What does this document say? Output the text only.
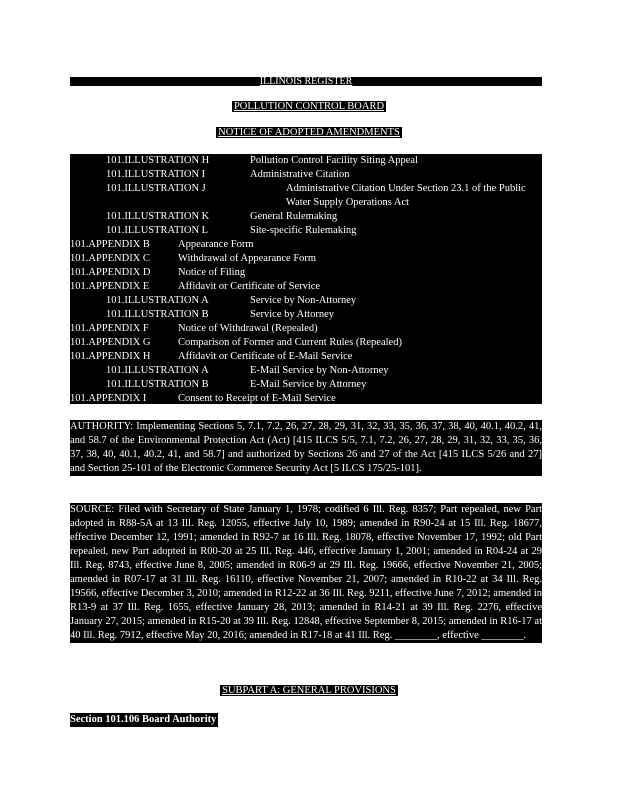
ILLINOIS REGISTER
POLLUTION CONTROL BOARD
NOTICE OF ADOPTED AMENDMENTS
101.ILLUSTRATION H	Pollution Control Facility Siting Appeal
101.ILLUSTRATION I	Administrative Citation
101.ILLUSTRATION J	Administrative Citation Under Section 23.1 of the Public Water Supply Operations Act
101.ILLUSTRATION K	General Rulemaking
101.ILLUSTRATION L	Site-specific Rulemaking
101.APPENDIX B	Appearance Form
101.APPENDIX C	Withdrawal of Appearance Form
101.APPENDIX D	Notice of Filing
101.APPENDIX E	Affidavit or Certificate of Service
101.ILLUSTRATION A	Service by Non-Attorney
101.ILLUSTRATION B	Service by Attorney
101.APPENDIX F	Notice of Withdrawal (Repealed)
101.APPENDIX G	Comparison of Former and Current Rules (Repealed)
101.APPENDIX H	Affidavit or Certificate of E-Mail Service
101.ILLUSTRATION A	E-Mail Service by Non-Attorney
101.ILLUSTRATION B	E-Mail Service by Attorney
101.APPENDIX I	Consent to Receipt of E-Mail Service
AUTHORITY: Implementing Sections 5, 7.1, 7.2, 26, 27, 28, 29, 31, 32, 33, 35, 36, 37, 38, 40, 40.1, 40.2, 41, and 58.7 of the Environmental Protection Act (Act) [415 ILCS 5/5, 7.1, 7.2, 26, 27, 28, 29, 31, 32, 33, 35, 36, 37, 38, 40, 40.1, 40.2, 41, and 58.7] and authorized by Sections 26 and 27 of the Act [415 ILCS 5/26 and 27] and Section 25-101 of the Electronic Commerce Security Act [5 ILCS 175/25-101].
SOURCE: Filed with Secretary of State January 1, 1978; codified 6 Ill. Reg. 8357; Part repealed, new Part adopted in R88-5A at 13 Ill. Reg. 12055, effective July 10, 1989; amended in R90-24 at 15 Ill. Reg. 18677, effective December 12, 1991; amended in R92-7 at 16 Ill. Reg. 18078, effective November 17, 1992; old Part repealed, new Part adopted in R00-20 at 25 Ill. Reg. 446, effective January 1, 2001; amended in R04-24 at 29 Ill. Reg. 8743, effective June 8, 2005; amended in R06-9 at 29 Ill. Reg. 19666, effective November 21, 2005; amended in R07-17 at 31 Ill. Reg. 16110, effective November 21, 2007; amended in R10-22 at 34 Ill. Reg. 19566, effective December 3, 2010; amended in R12-22 at 36 Ill. Reg. 9211, effective June 7, 2012; amended in R13-9 at 37 Ill. Reg. 1655, effective January 28, 2013; amended in R14-21 at 39 Ill. Reg. 2276, effective January 27, 2015; amended in R15-20 at 39 Ill. Reg. 12848, effective September 8, 2015; amended in R16-17 at 40 Ill. Reg. 7912, effective May 20, 2016; amended in R17-18 at 41 Ill. Reg. ________, effective ________.
SUBPART A: GENERAL PROVISIONS
Section 101.106 Board Authority
